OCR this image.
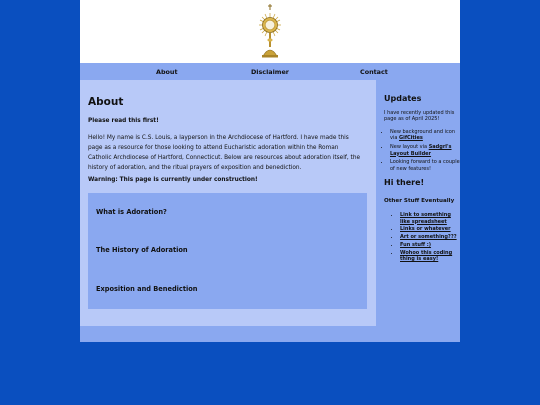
About	Disclaimer	Contact
About

Please read this first!

Hello! My name is C.S. Louis, a layperson in the Archdiocese of Hartford. I have made this page as a resource for those looking to attend Eucharistic adoration within the Roman Catholic Archdiocese of Hartford, Connecticut. Below are resources about adoration itself, the history of adoration, and the ritual prayers of exposition and benediction.

Warning: This page is currently under construction!

What is Adoration?

The History of Adoration

Exposition and Benediction

Updates

I have recently updated this page as of April 2025!

• New background and icon via GifCities
• New layout via Sadgrl's Layout Builder
• Looking forward to a couple of new features!
Hi there!

Other Stuff Eventually

• Link to something like spreadsheet
• Links or whatever
• Art or something???
• Fun stuff :)
• Wohoo this coding thing is easy!
